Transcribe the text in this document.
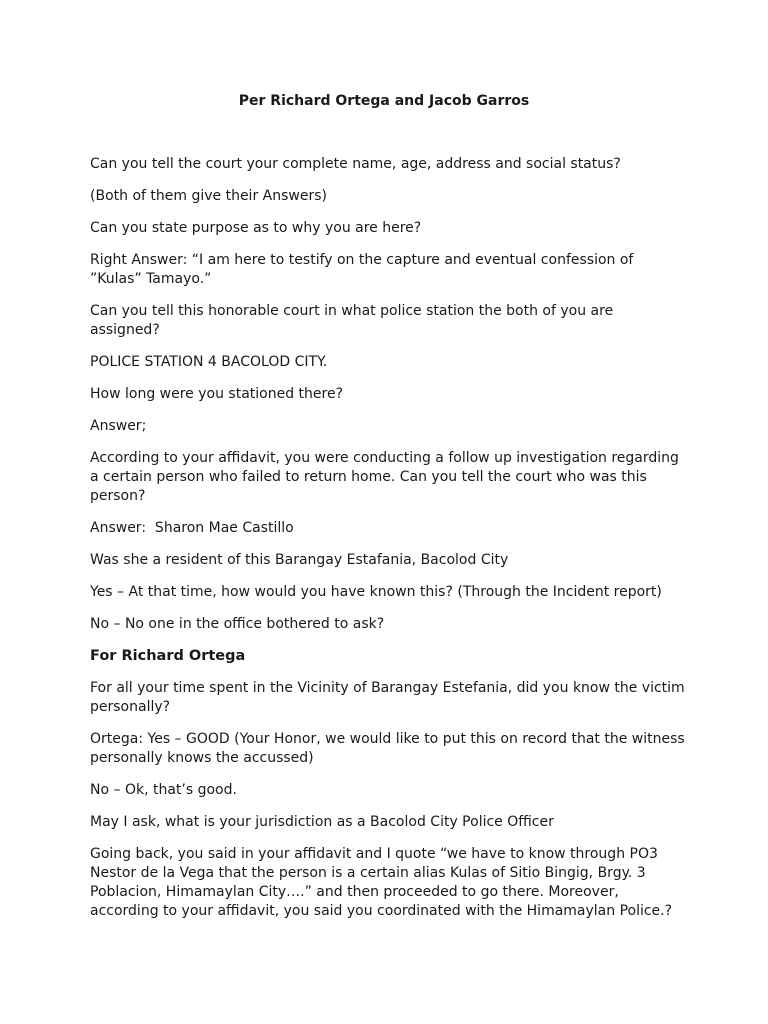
Per Richard Ortega and Jacob Garros

Can you tell the court your complete name, age, address and social status?

(Both of them give their Answers)

Can you state purpose as to why you are here?

Right Answer: “I am here to testify on the capture and eventual confession of
”Kulas” Tamayo.”

Can you tell this honorable court in what police station the both of you are
assigned?

POLICE STATION 4 BACOLOD CITY.

How long were you stationed there?

Answer;

According to your affidavit, you were conducting a follow up investigation regarding
a certain person who failed to return home. Can you tell the court who was this
person?

Answer:  Sharon Mae Castillo

Was she a resident of this Barangay Estafania, Bacolod City

Yes – At that time, how would you have known this? (Through the Incident report)

No – No one in the office bothered to ask?

For Richard Ortega

For all your time spent in the Vicinity of Barangay Estefania, did you know the victim
personally?

Ortega: Yes – GOOD (Your Honor, we would like to put this on record that the witness
personally knows the accussed)

No – Ok, that’s good.

May I ask, what is your jurisdiction as a Bacolod City Police Officer

Going back, you said in your affidavit and I quote “we have to know through PO3
Nestor de la Vega that the person is a certain alias Kulas of Sitio Bingig, Brgy. 3
Poblacion, Himamaylan City….” and then proceeded to go there. Moreover,
according to your affidavit, you said you coordinated with the Himamaylan Police.?
